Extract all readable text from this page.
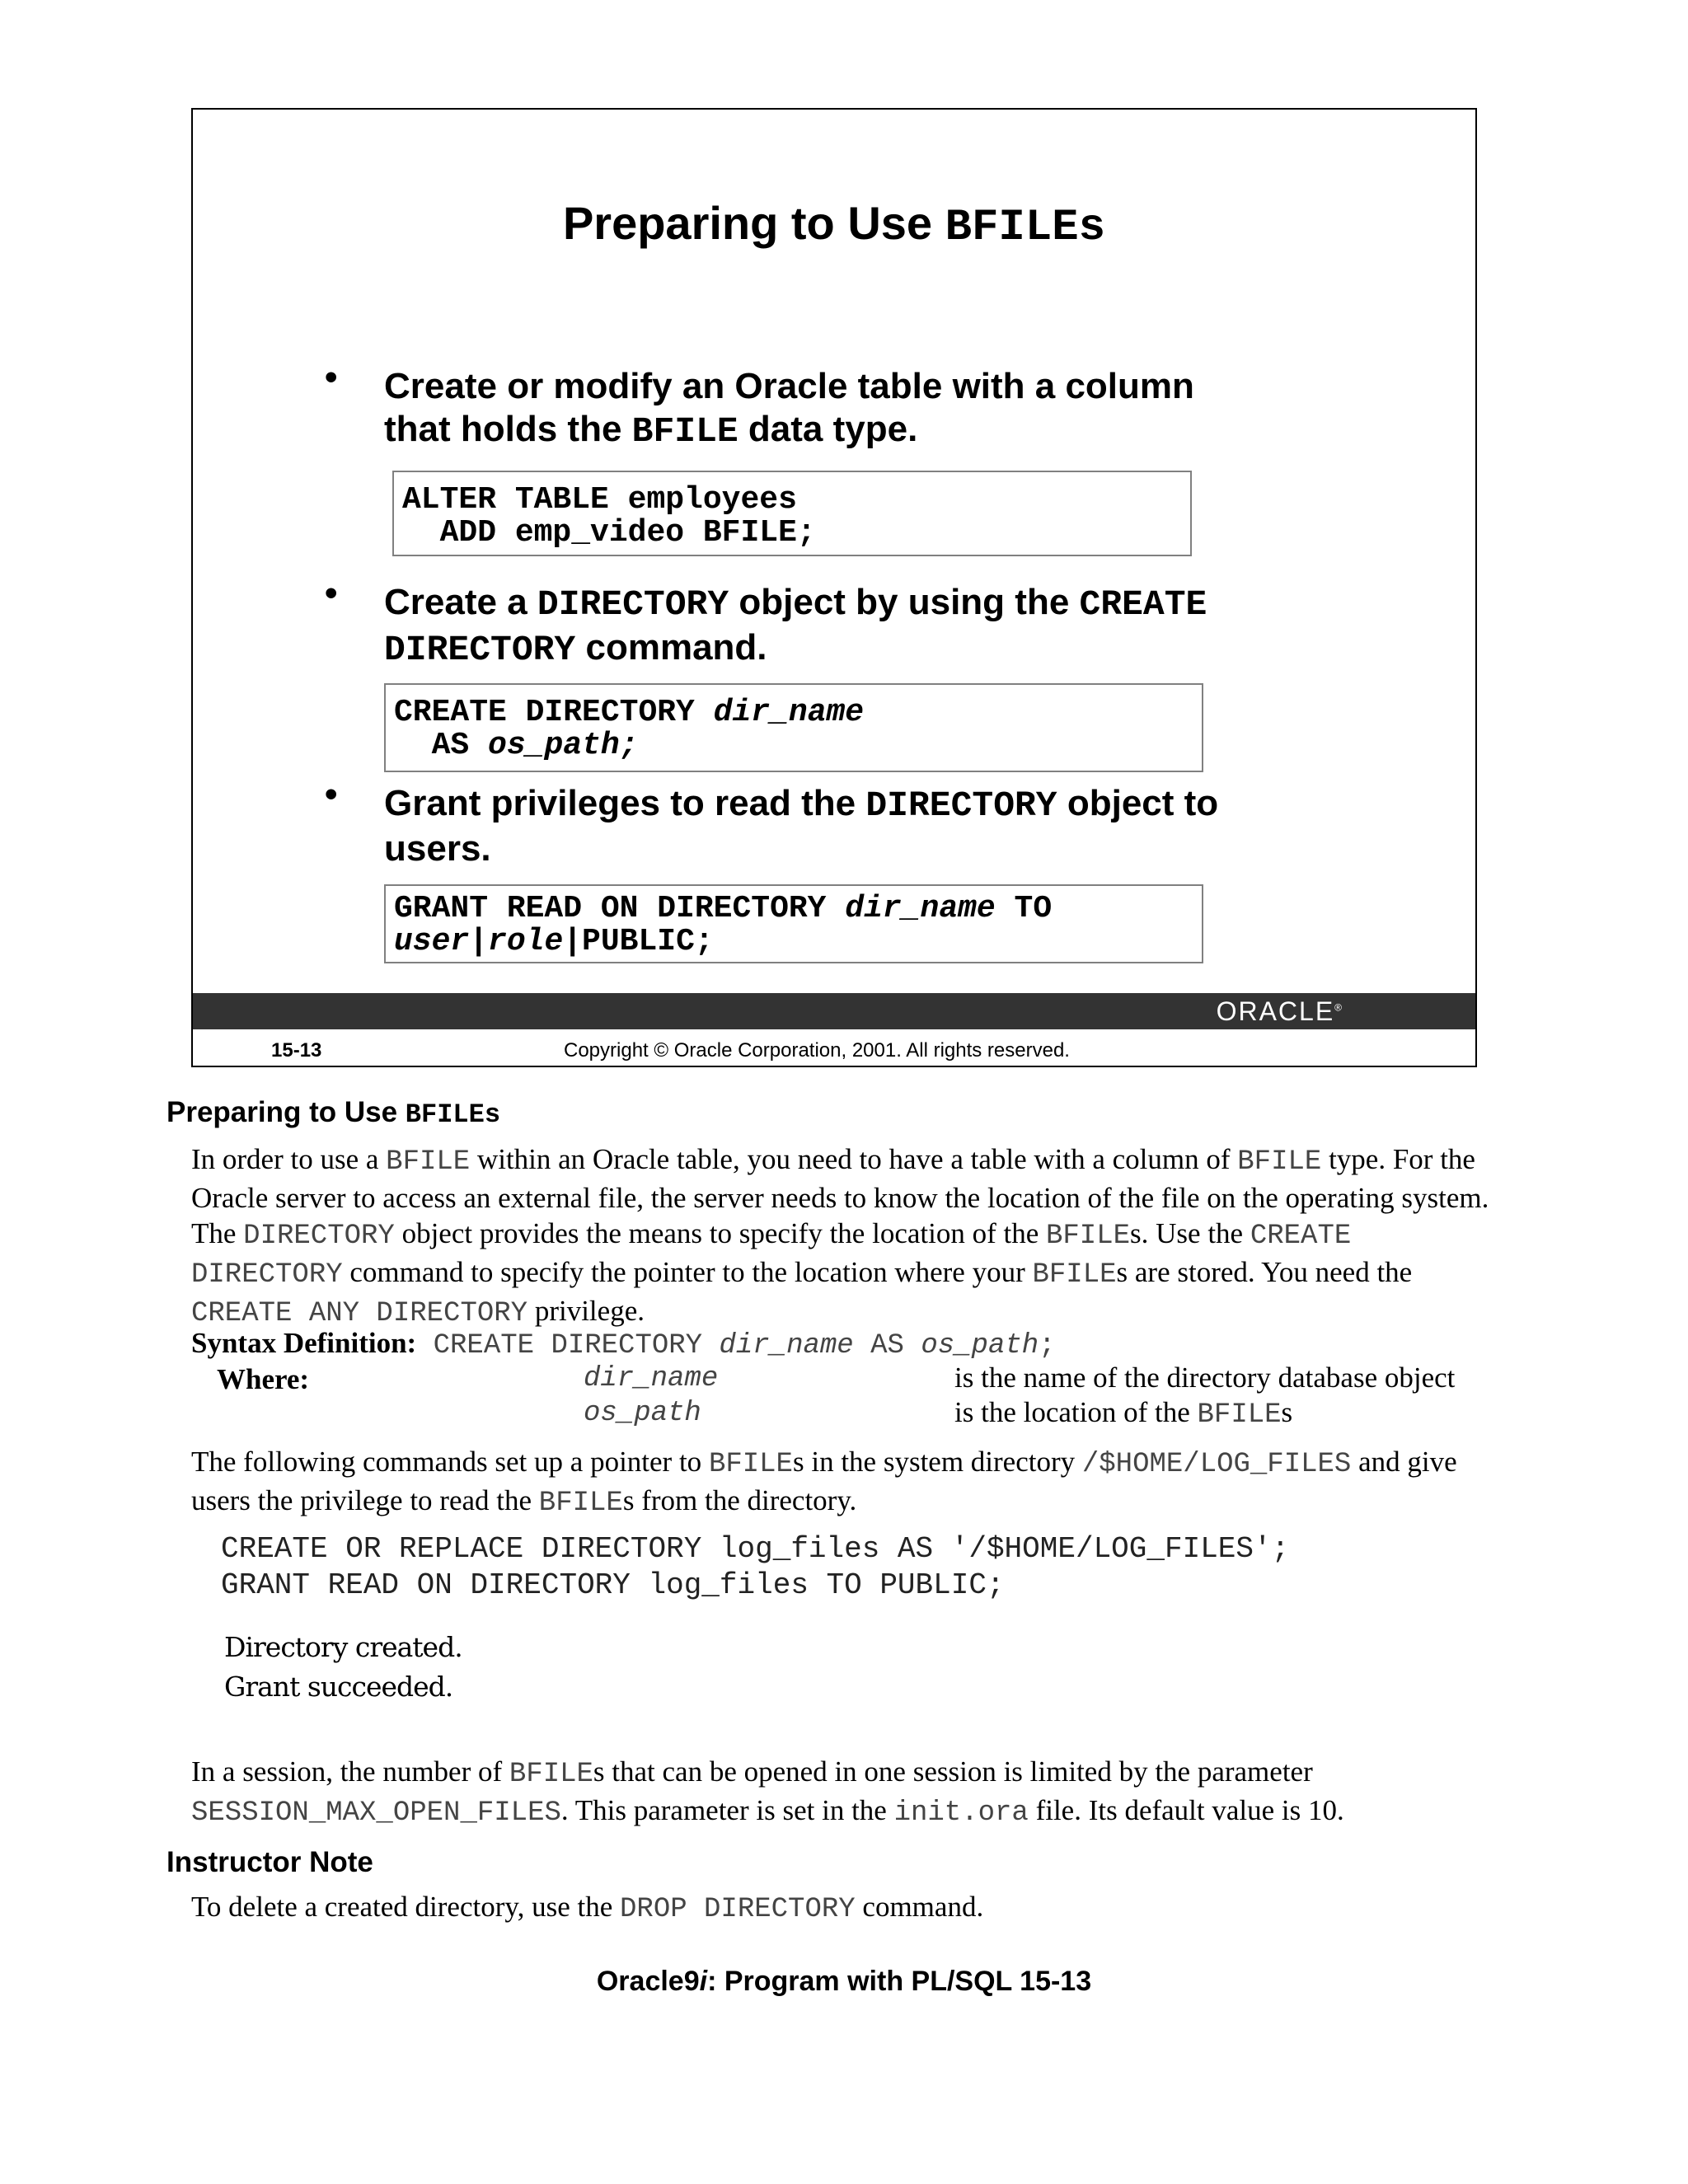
Preparing to Use BFILEs
•	Create or modify an Oracle table with a column
that holds the BFILE data type.
ALTER TABLE employees
ADD emp_video BFILE;
•	Create a DIRECTORY object by using the CREATE
DIRECTORY command.
CREATE DIRECTORY dir_name
AS os_path;
•	Grant privileges to read the DIRECTORY object to
users.
GRANT READ ON DIRECTORY dir_name TO
user|role|PUBLIC;
ORACLE®
15-13	Copyright © Oracle Corporation, 2001. All rights reserved.
Preparing to Use BFILEs
In order to use a BFILE within an Oracle table, you need to have a table with a column of BFILE type. For the Oracle server to access an external file, the server needs to know the location of the file on the operating system. The DIRECTORY object provides the means to specify the location of the BFILEs. Use the CREATE DIRECTORY command to specify the pointer to the location where your BFILEs are stored. You need the CREATE ANY DIRECTORY privilege.
Syntax Definition: CREATE DIRECTORY dir_name AS os_path;
Where:	dir_name	is the name of the directory database object
os_path	is the location of the BFILEs
The following commands set up a pointer to BFILEs in the system directory /$HOME/LOG_FILES and give users the privilege to read the BFILEs from the directory.
CREATE OR REPLACE DIRECTORY log_files AS '/$HOME/LOG_FILES';
GRANT READ ON DIRECTORY log_files TO PUBLIC;
Directory created.
Grant succeeded.
In a session, the number of BFILEs that can be opened in one session is limited by the parameter SESSION_MAX_OPEN_FILES. This parameter is set in the init.ora file. Its default value is 10.
Instructor Note
To delete a created directory, use the DROP DIRECTORY command.
Oracle9i: Program with PL/SQL 15-13
